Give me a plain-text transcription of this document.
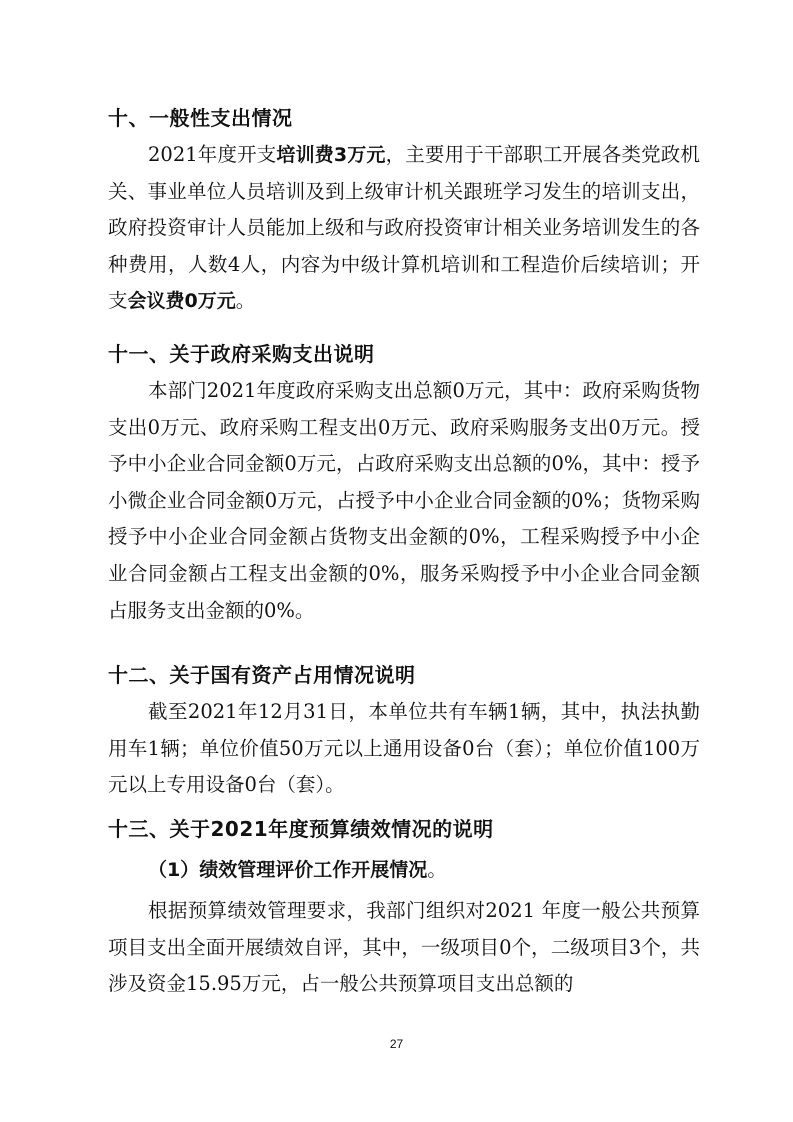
十、一般性支出情况
2021年度开支培训费3万元，主要用于干部职工开展各类党政机关、事业单位人员培训及到上级审计机关跟班学习发生的培训支出，政府投资审计人员能加上级和与政府投资审计相关业务培训发生的各种费用，人数4人，内容为中级计算机培训和工程造价后续培训；开支会议费0万元。
十一、关于政府采购支出说明
本部门2021年度政府采购支出总额0万元，其中：政府采购货物支出0万元、政府采购工程支出0万元、政府采购服务支出0万元。授予中小企业合同金额0万元，占政府采购支出总额的0%，其中：授予小微企业合同金额0万元，占授予中小企业合同金额的0%；货物采购授予中小企业合同金额占货物支出金额的0%，工程采购授予中小企业合同金额占工程支出金额的0%，服务采购授予中小企业合同金额占服务支出金额的0%。
十二、关于国有资产占用情况说明
截至2021年12月31日，本单位共有车辆1辆，其中，执法执勤用车1辆；单位价值50万元以上通用设备0台（套）；单位价值100万元以上专用设备0台（套）。
十三、关于2021年度预算绩效情况的说明
（1）绩效管理评价工作开展情况。
根据预算绩效管理要求，我部门组织对2021 年度一般公共预算项目支出全面开展绩效自评，其中，一级项目0个，二级项目3个，共涉及资金15.95万元，占一般公共预算项目支出总额的
27
